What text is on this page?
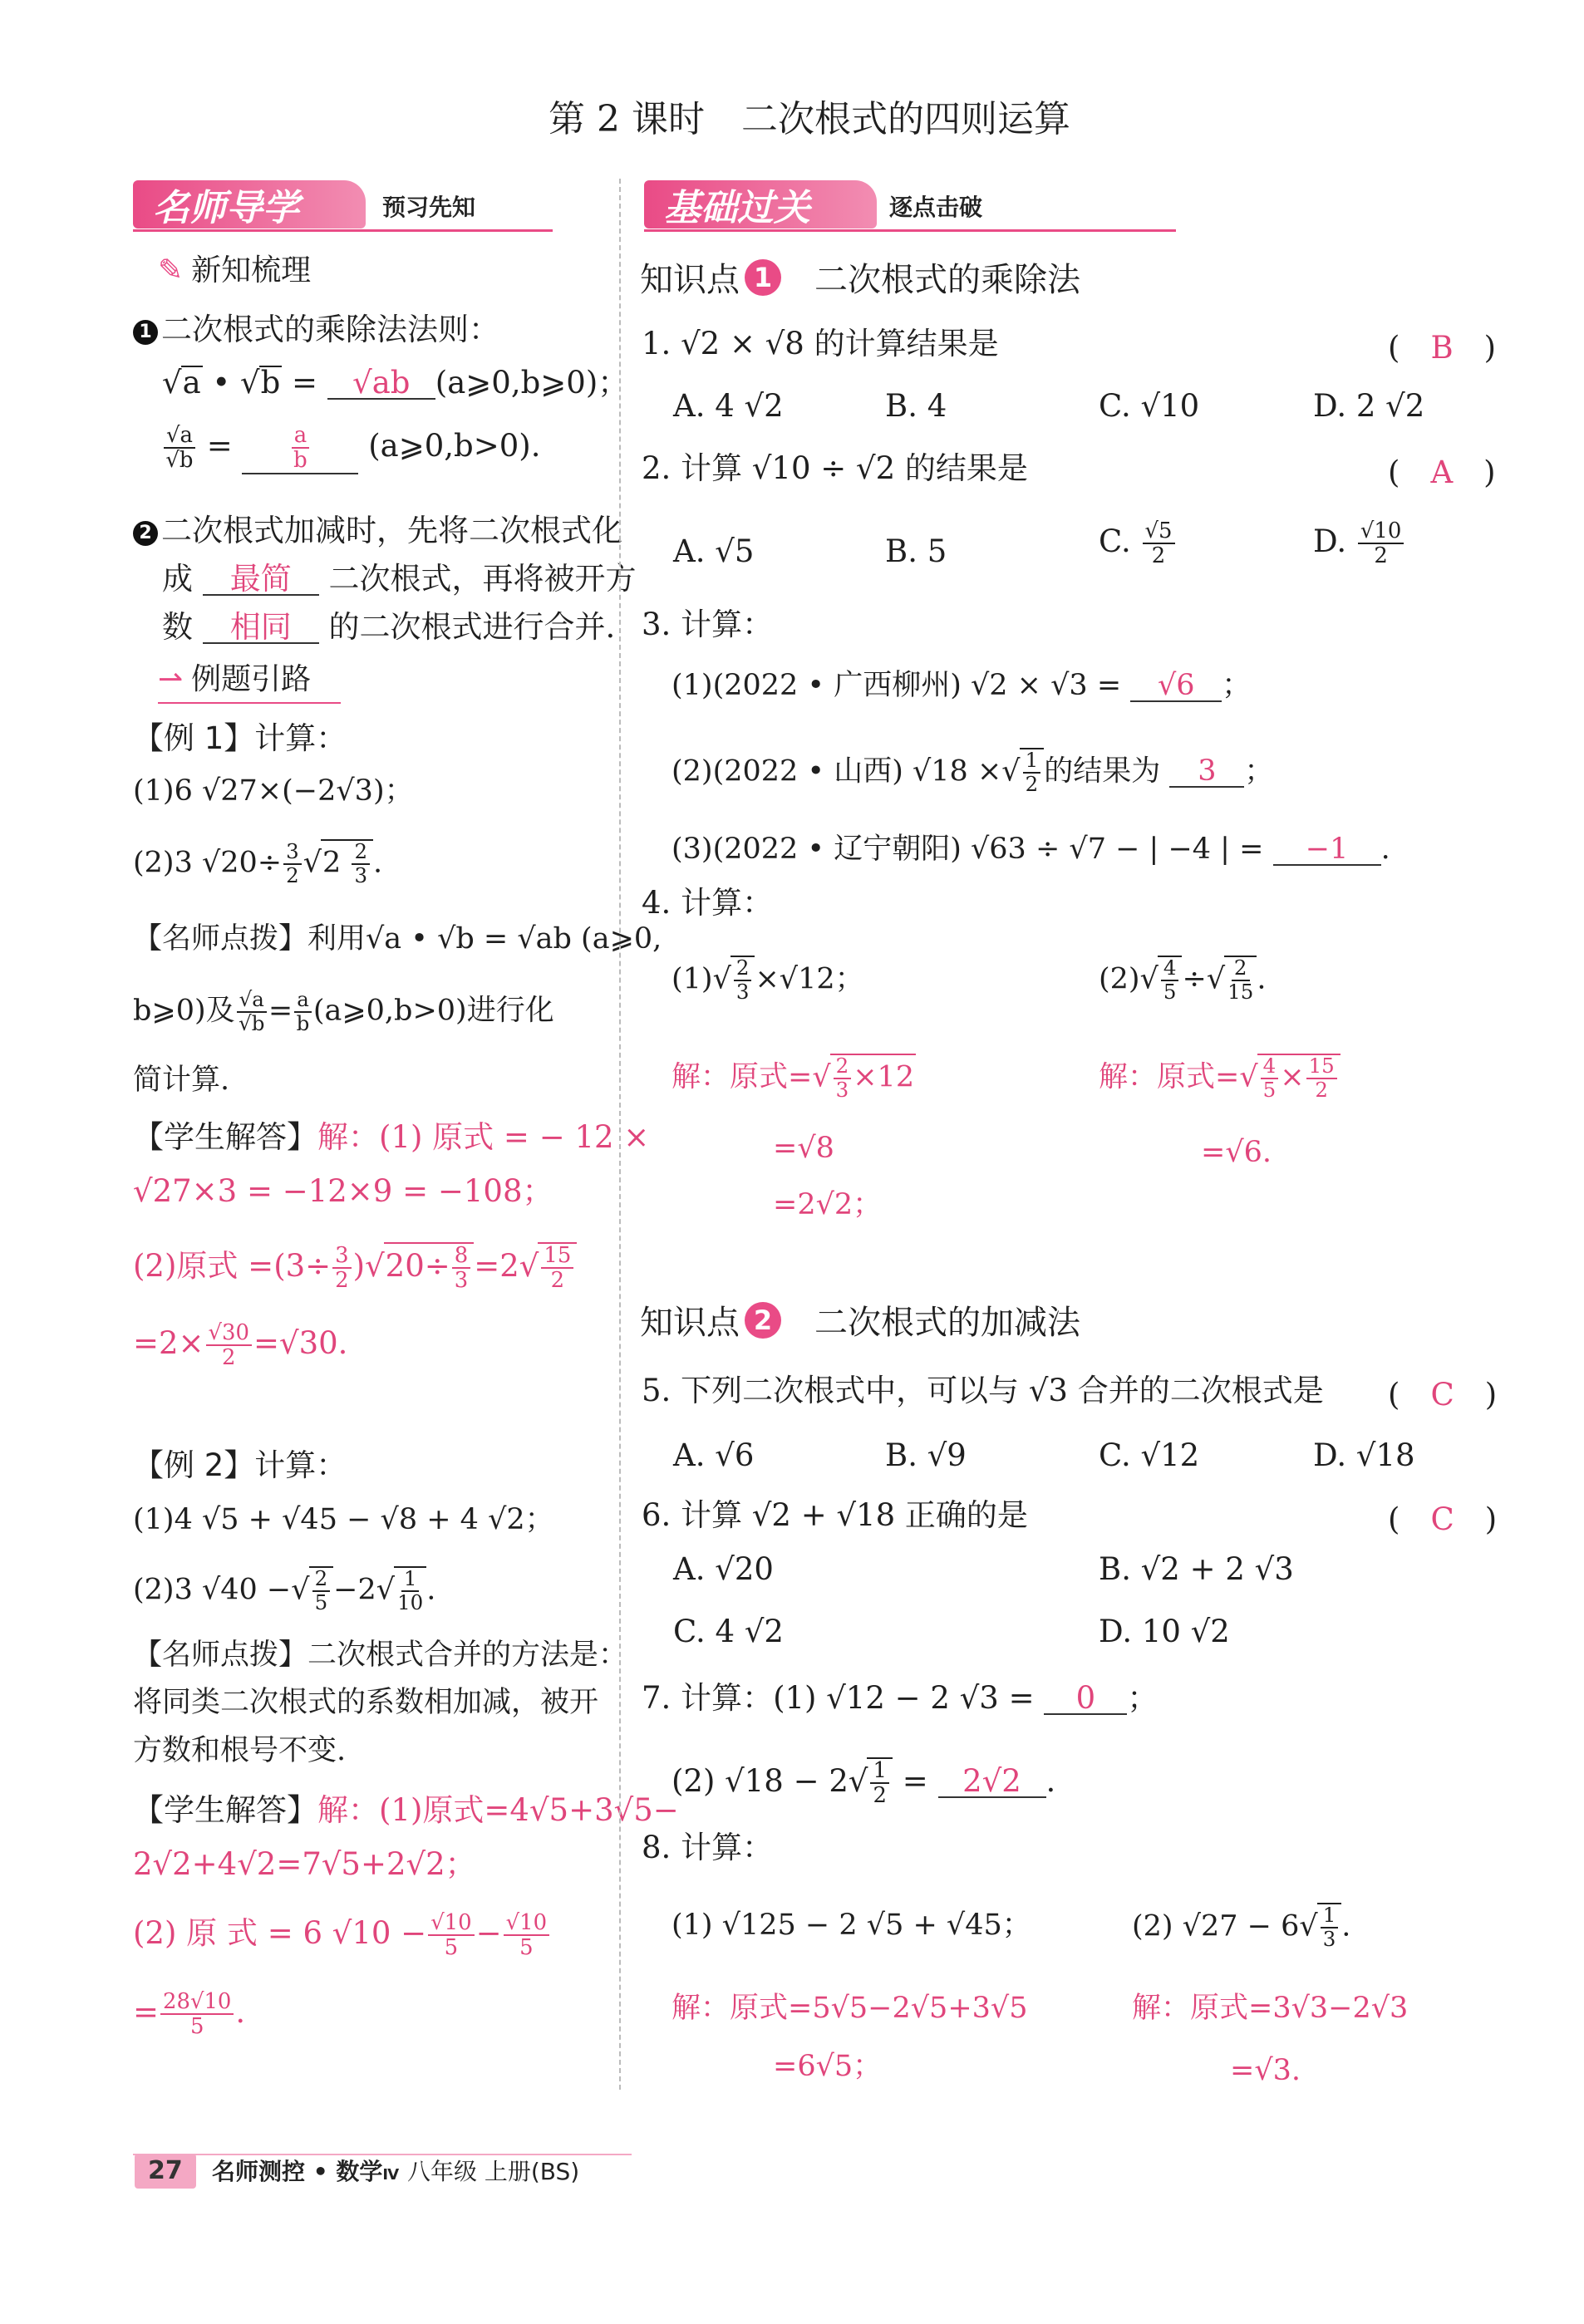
第 2 课时　二次根式的四则运算
名师导学	预习先知
✎ 新知梳理
1 二次根式的乘除法法则：
√a • √b = √ab (a⩾0,b⩾0)；
$\frac{√a}{√b} = \frac{a}{b}$ (a⩾0,b>0).
2 二次根式加减时，先将二次根式化
成 最简 二次根式，再将被开方
数 相同 的二次根式进行合并.
⇀ 例题引路
【例 1】计算：
(1)6 √27×(−2√3)；
(2)3 $√20\div \frac{3}{2} √2 \frac{2}{3}$ .
【名师点拨】利用√a • √b = √ab (a⩾0,
b⩾0)及 $\frac{√a}{√b} = \frac{a}{b}$ (a⩾0,b>0)进行化
简计算.
【学生解答】解：(1) 原式 = − 12 ×
√27×3 = −12×9 = −108；
(2)原式 $=(3\div \frac{3}{2} )√20\div \frac{8}{3} =2√ \frac{15}{2}$
$=2\times \frac{√30}{2} =√30$.
【例 2】计算：
(1)4 √5 + √45 − √8 + 4 √2；
(2)3 √40 −√ $\frac{2}{5} -2√ \frac{1}{10}$ .
【名师点拨】二次根式合并的方法是：
将同类二次根式的系数相加减，被开
方数和根号不变.
【学生解答】解：(1)原式=4√5+3√5−
2√2+4√2=7√5+2√2；
(2) 原 式 = 6 $√10 - \frac{√10}{5} - \frac{√10}{5}$
= $\frac{28√10}{5}$ .
基础过关	逐点击破
知识点 1 二次根式的乘除法
1. √2 × √8 的计算结果是	(　B　)
A. 4 √2	B. 4	C. √10	D. 2 √2
2. 计算 √10 ÷ √2 的结果是	(　A　)
A. √5	B. 5	C. $\frac{√5}{2}$	D. $\frac{√10}{2}$
3. 计算：
(1)(2022 • 广西柳州) √2 × √3 = √6 ；
(2)(2022 • 山西) √18 ×√ $\frac{1}{2}$ 的结果为 3 ；
(3)(2022 • 辽宁朝阳) √63 ÷ √7 − | −4 | = −1 .
4. 计算：
$(1)√ \frac{2}{3} \times√12$；	$(2)√ \frac{4}{5}$ ÷√ $\frac{2}{15}$ .
解：原式=√ $\frac{2}{3} \times 12$
=√8
=2√2；
解：原式=√ $\frac{4}{5} \times \frac{15}{2}$
=√6.
知识点 2 二次根式的加减法
5. 下列二次根式中，可以与 √3 合并的二次根式是 (　C　)
A. √6	B. √9	C. √12	D. √18
6. 计算 √2 + √18 正确的是	(　C　)
A. √20	B. √2 + 2 √3
C. 4 √2	D. 10 √2
7. 计算：(1) √12 − 2 √3 = 0 ；
(2) $√18 - 2√ \frac{1}{2} = 2√2$ .
8. 计算：
(1) √125 − 2 √5 + √45；	(2) $√27 - 6√ \frac{1}{3}$ .
解：原式=5√5−2√5+3√5
=6√5；
解：原式=3√3−2√3
=√3.
27	名师测控 • 数学Ⅳ 八年级 上册(BS)
